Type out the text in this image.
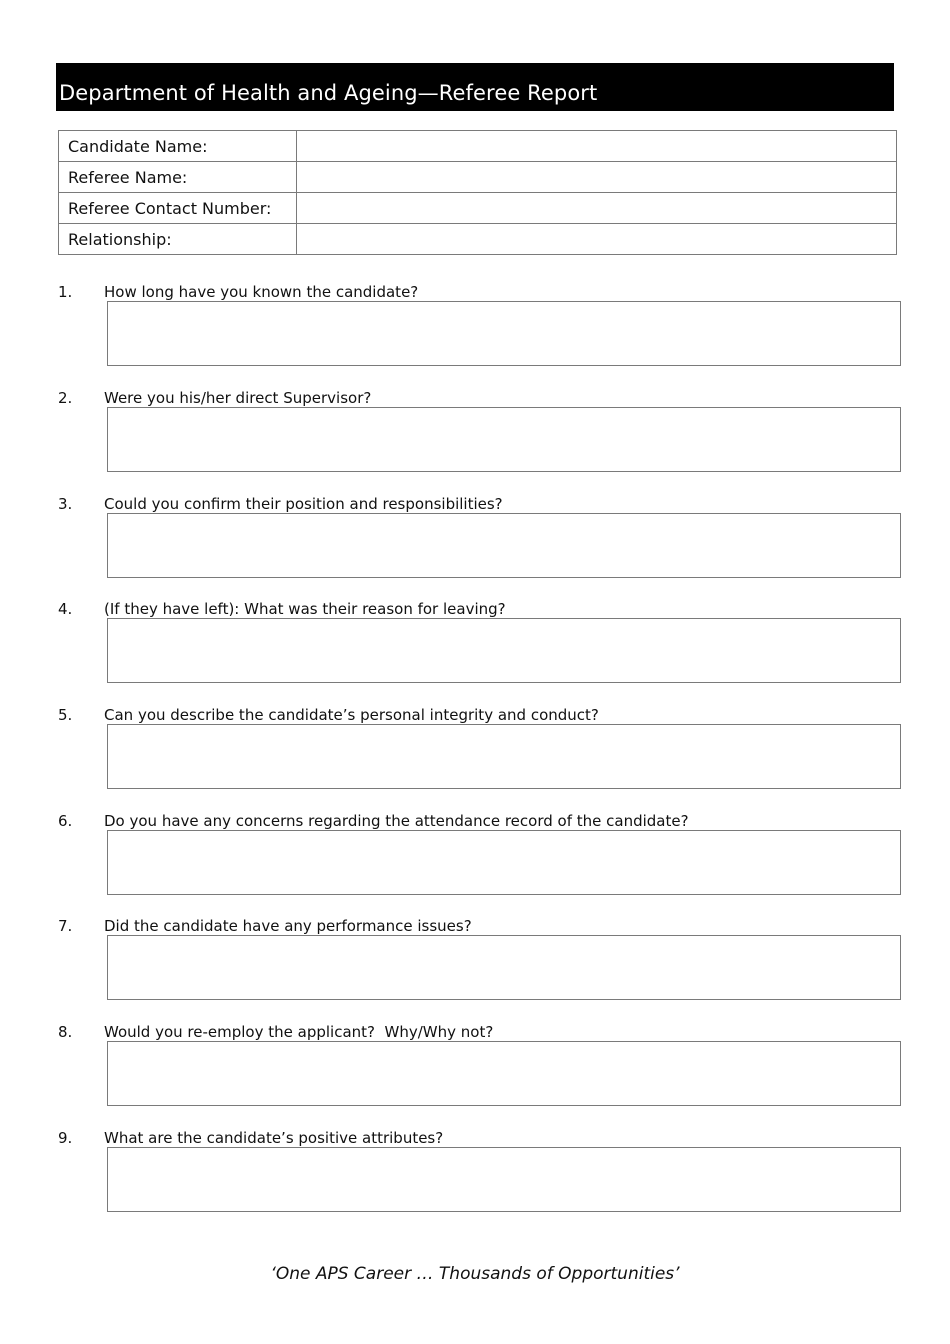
Department of Health and Ageing—Referee Report
Candidate Name:	
Referee Name:	
Referee Contact Number:	
Relationship:	
1. How long have you known the candidate?
2. Were you his/her direct Supervisor?
3. Could you confirm their position and responsibilities?
4. (If they have left): What was their reason for leaving?
5. Can you describe the candidate’s personal integrity and conduct?
6. Do you have any concerns regarding the attendance record of the candidate?
7. Did the candidate have any performance issues?
8. Would you re-employ the applicant?  Why/Why not?
9. What are the candidate’s positive attributes?
‘One APS Career … Thousands of Opportunities’
